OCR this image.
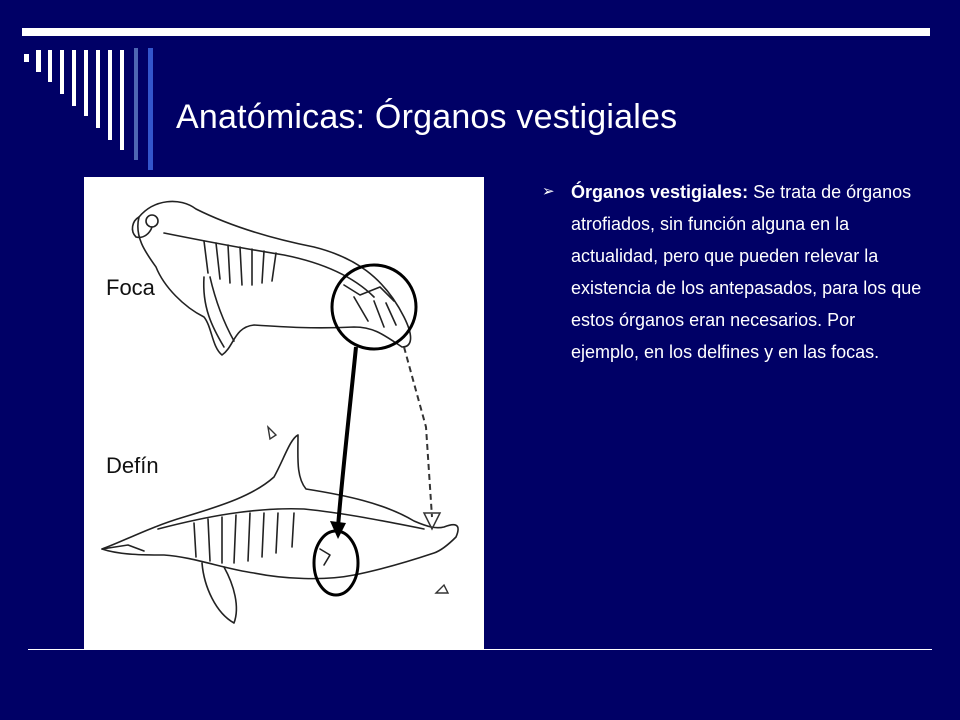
Anatómicas: Órganos vestigiales
Foca
Defín
➢ Órganos vestigiales: Se trata de órganos atrofiados, sin función alguna en la actualidad, pero que pueden relevar la existencia de los antepasados, para los que estos órganos eran necesarios. Por ejemplo, en los delfines y en las focas.
